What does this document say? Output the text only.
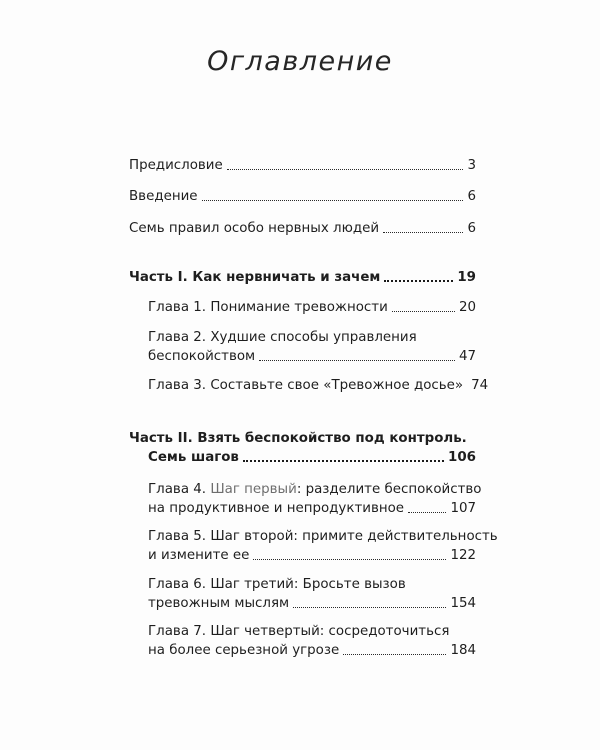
Оглавление
Предисловие	3
Введение	6
Семь правил особо нервных людей	6
Часть I. Как нервничать и зачем	19
Глава 1. Понимание тревожности	20
Глава 2. Худшие способы управления
беспокойством	47
Глава 3. Составьте свое «Тревожное досье» 74
Часть II. Взять беспокойство под контроль.
Семь шагов	106
Глава 4. Шаг первый: разделите беспокойство
на продуктивное и непродуктивное	107
Глава 5. Шаг второй: примите действительность
и измените ее	122
Глава 6. Шаг третий: Бросьте вызов
тревожным мыслям	154
Глава 7. Шаг четвертый: сосредоточиться
на более серьезной угрозе	184
